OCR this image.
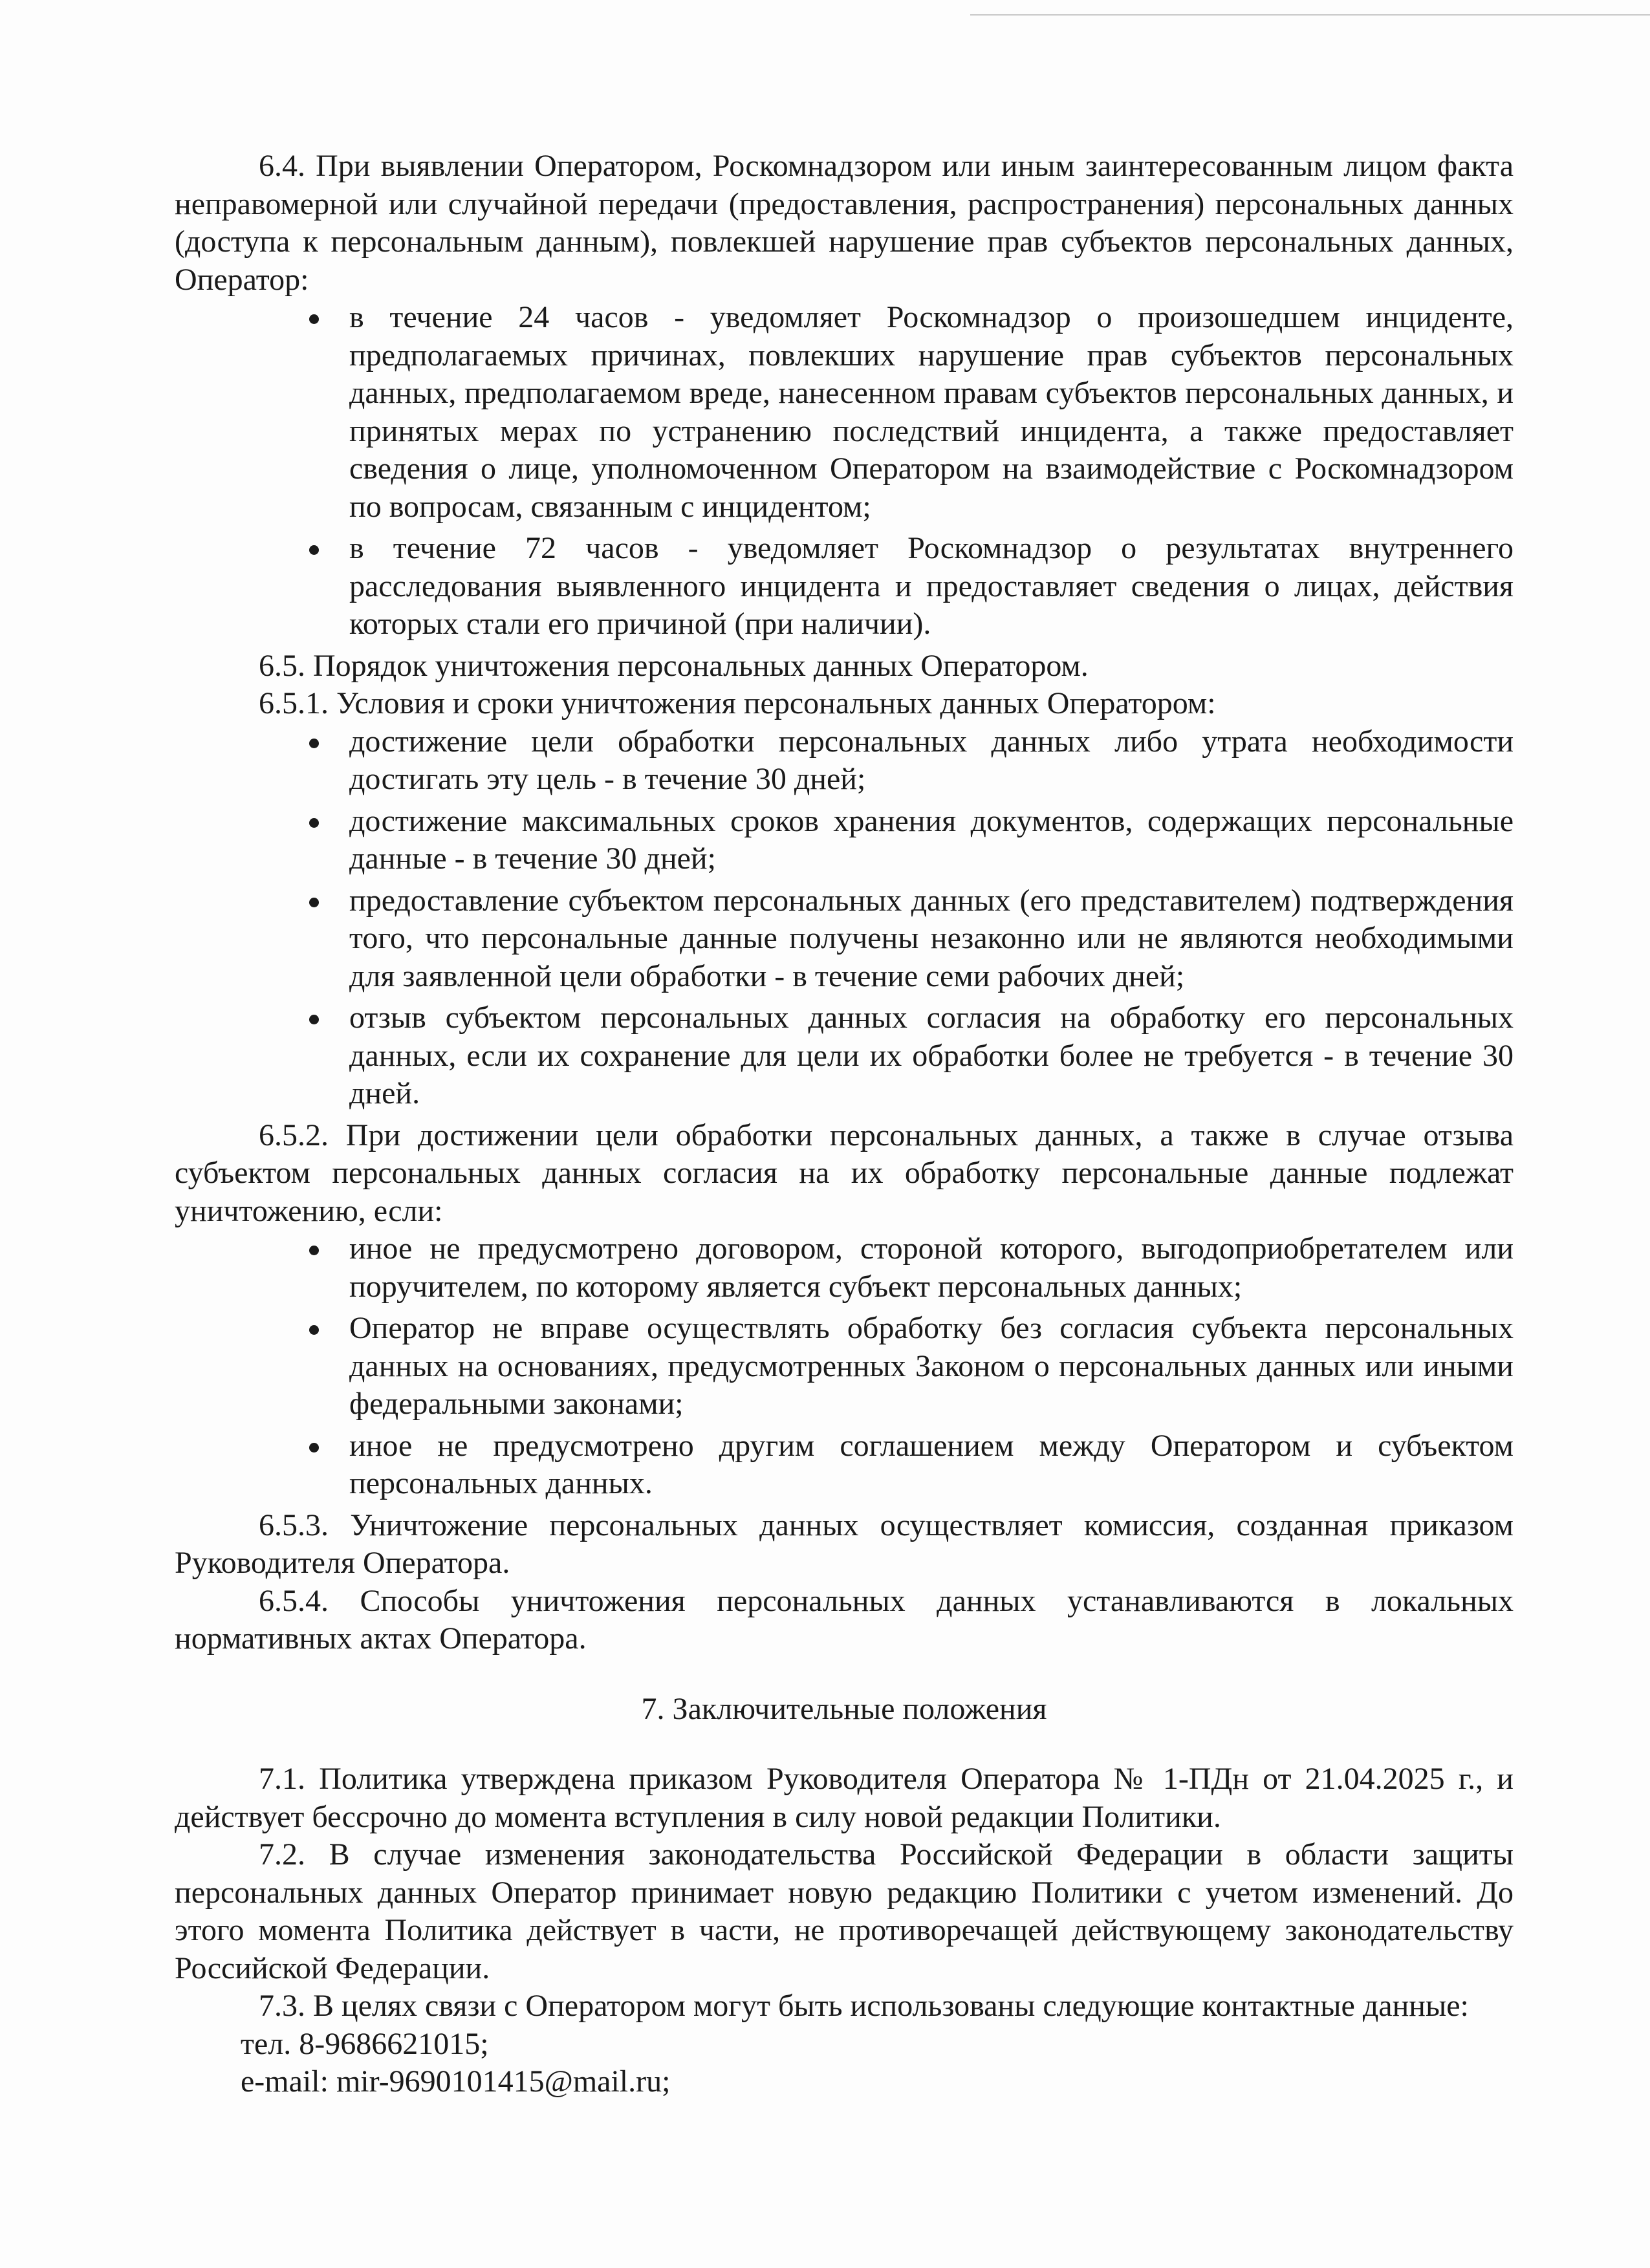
6.4. При выявлении Оператором, Роскомнадзором или иным заинтересованным лицом факта неправомерной или случайной передачи (предоставления, распространения) персональных данных (доступа к персональным данным), повлекшей нарушение прав субъектов персональных данных, Оператор:

в течение 24 часов - уведомляет Роскомнадзор о произошедшем инциденте, предполагаемых причинах, повлекших нарушение прав субъектов персональных данных, предполагаемом вреде, нанесенном правам субъектов персональных данных, и принятых мерах по устранению последствий инцидента, а также предоставляет сведения о лице, уполномоченном Оператором на взаимодействие с Роскомнадзором по вопросам, связанным с инцидентом;
в течение 72 часов - уведомляет Роскомнадзор о результатах внутреннего расследования выявленного инцидента и предоставляет сведения о лицах, действия которых стали его причиной (при наличии).

6.5. Порядок уничтожения персональных данных Оператором.

6.5.1. Условия и сроки уничтожения персональных данных Оператором:

достижение цели обработки персональных данных либо утрата необходимости достигать эту цель - в течение 30 дней;
достижение максимальных сроков хранения документов, содержащих персональные данные - в течение 30 дней;
предоставление субъектом персональных данных (его представителем) подтверждения того, что персональные данные получены незаконно или не являются необходимыми для заявленной цели обработки - в течение семи рабочих дней;
отзыв субъектом персональных данных согласия на обработку его персональных данных, если их сохранение для цели их обработки более не требуется - в течение 30 дней.

6.5.2. При достижении цели обработки персональных данных, а также в случае отзыва субъектом персональных данных согласия на их обработку персональные данные подлежат уничтожению, если:

иное не предусмотрено договором, стороной которого, выгодоприобретателем или поручителем, по которому является субъект персональных данных;
Оператор не вправе осуществлять обработку без согласия субъекта персональных данных на основаниях, предусмотренных Законом о персональных данных или иными федеральными законами;
иное не предусмотрено другим соглашением между Оператором и субъектом персональных данных.

6.5.3. Уничтожение персональных данных осуществляет комиссия, созданная приказом Руководителя Оператора.

6.5.4. Способы уничтожения персональных данных устанавливаются в локальных нормативных актах Оператора.

7. Заключительные положения

7.1. Политика утверждена приказом Руководителя Оператора № 1-ПДн от 21.04.2025 г., и действует бессрочно до момента вступления в силу новой редакции Политики.

7.2. В случае изменения законодательства Российской Федерации в области защиты персональных данных Оператор принимает новую редакцию Политики с учетом изменений. До этого момента Политика действует в части, не противоречащей действующему законодательству Российской Федерации.

7.3. В целях связи с Оператором могут быть использованы следующие контактные данные:

тел. 8-9686621015;

e-mail: mir-9690101415@mail.ru;
